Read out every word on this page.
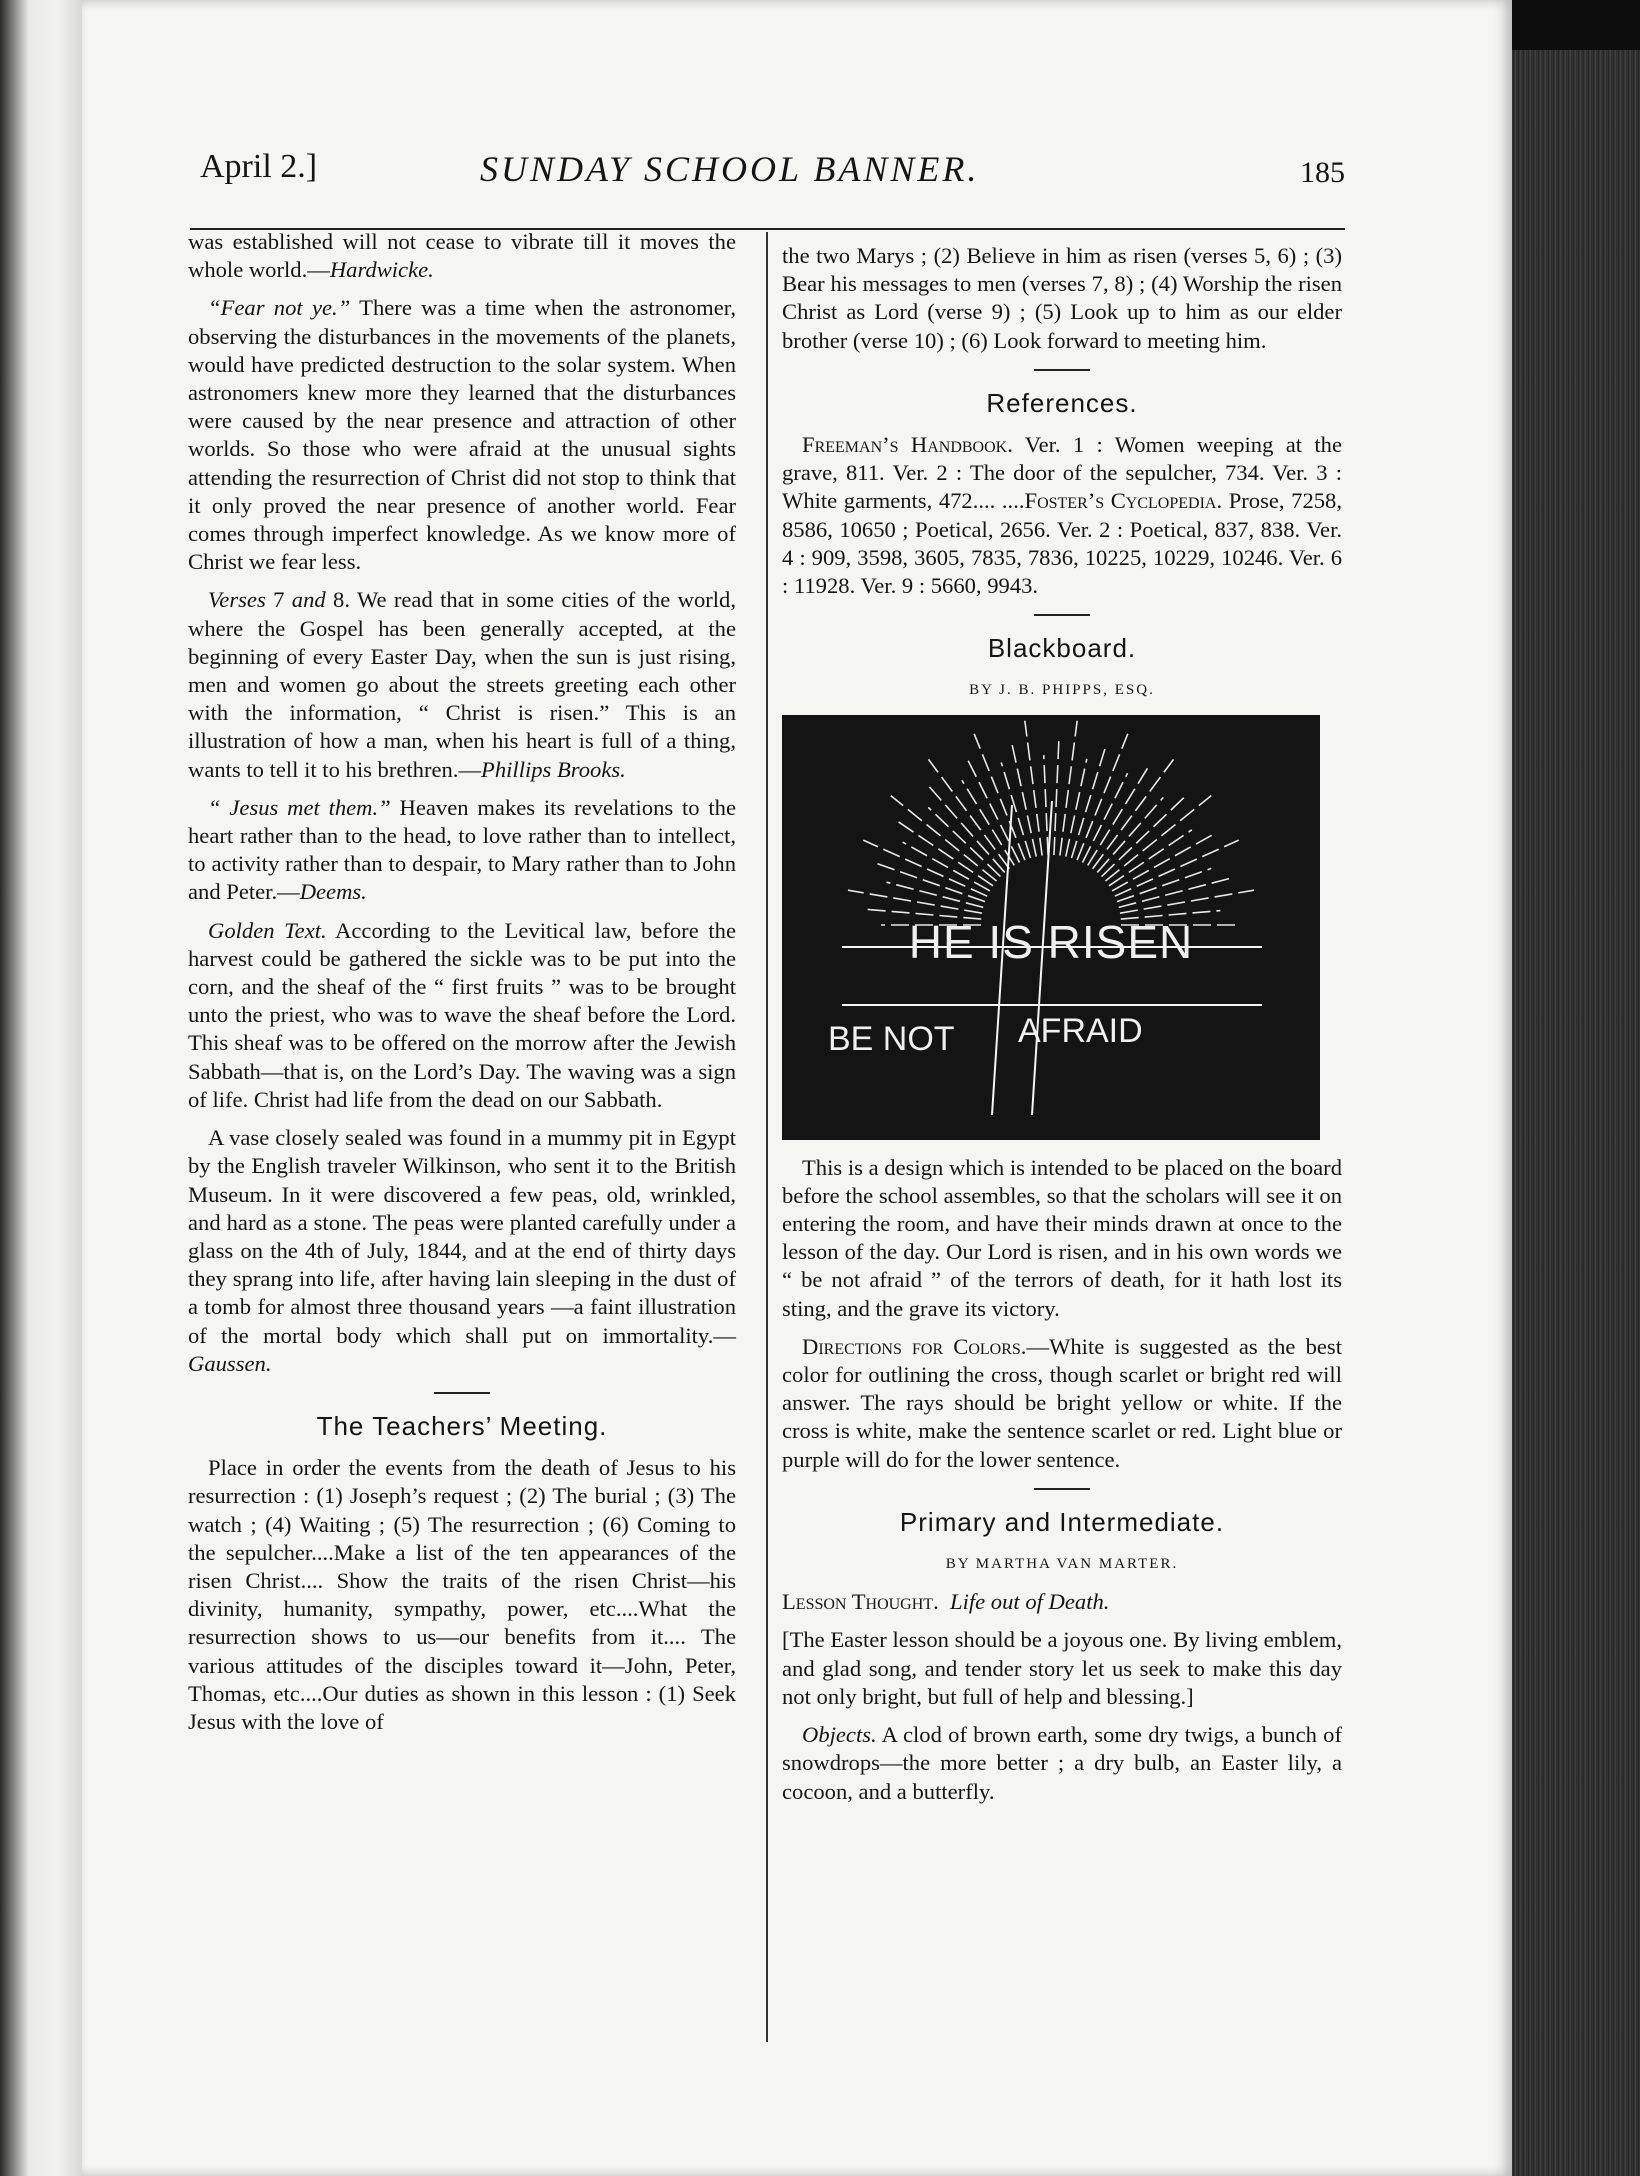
April 2.]	SUNDAY SCHOOL BANNER.	185

was established will not cease to vibrate till it moves the whole world.—Hardwicke.

“Fear not ye.” There was a time when the astronomer, observing the disturbances in the movements of the planets, would have predicted destruction to the solar system. When astronomers knew more they learned that the disturbances were caused by the near presence and attraction of other worlds. So those who were afraid at the unusual sights attending the resurrection of Christ did not stop to think that it only proved the near presence of another world. Fear comes through imperfect knowledge. As we know more of Christ we fear less.

Verses 7 and 8. We read that in some cities of the world, where the Gospel has been generally accepted, at the beginning of every Easter Day, when the sun is just rising, men and women go about the streets greeting each other with the information, “ Christ is risen.” This is an illustration of how a man, when his heart is full of a thing, wants to tell it to his brethren.—Phillips Brooks.

“ Jesus met them.” Heaven makes its revelations to the heart rather than to the head, to love rather than to intellect, to activity rather than to despair, to Mary rather than to John and Peter.—Deems.

Golden Text. According to the Levitical law, before the harvest could be gathered the sickle was to be put into the corn, and the sheaf of the “ first fruits ” was to be brought unto the priest, who was to wave the sheaf before the Lord. This sheaf was to be offered on the morrow after the Jewish Sabbath—that is, on the Lord’s Day. The waving was a sign of life. Christ had life from the dead on our Sabbath.

A vase closely sealed was found in a mummy pit in Egypt by the English traveler Wilkinson, who sent it to the British Museum. In it were discovered a few peas, old, wrinkled, and hard as a stone. The peas were planted carefully under a glass on the 4th of July, 1844, and at the end of thirty days they sprang into life, after having lain sleeping in the dust of a tomb for almost three thousand years —a faint illustration of the mortal body which shall put on immortality.—Gaussen.

The Teachers’ Meeting.

Place in order the events from the death of Jesus to his resurrection : (1) Joseph’s request ; (2) The burial ; (3) The watch ; (4) Waiting ; (5) The resurrection ; (6) Coming to the sepulcher....Make a list of the ten appearances of the risen Christ.... Show the traits of the risen Christ—his divinity, humanity, sympathy, power, etc....What the resurrection shows to us—our benefits from it.... The various attitudes of the disciples toward it—John, Peter, Thomas, etc....Our duties as shown in this lesson : (1) Seek Jesus with the love of

the two Marys ; (2) Believe in him as risen (verses 5, 6) ; (3) Bear his messages to men (verses 7, 8) ; (4) Worship the risen Christ as Lord (verse 9) ; (5) Look up to him as our elder brother (verse 10) ; (6) Look forward to meeting him.

References.

Freeman’s Handbook. Ver. 1 : Women weeping at the grave, 811. Ver. 2 : The door of the sepulcher, 734. Ver. 3 : White garments, 472.... ....Foster’s Cyclopedia. Prose, 7258, 8586, 10650 ; Poetical, 2656. Ver. 2 : Poetical, 837, 838. Ver. 4 : 909, 3598, 3605, 7835, 7836, 10225, 10229, 10246. Ver. 6 : 11928. Ver. 9 : 5660, 9943.

Blackboard.
BY J. B. PHIPPS, ESQ.
HE IS RISEN
BE NOT AFRAID

This is a design which is intended to be placed on the board before the school assembles, so that the scholars will see it on entering the room, and have their minds drawn at once to the lesson of the day. Our Lord is risen, and in his own words we “ be not afraid ” of the terrors of death, for it hath lost its sting, and the grave its victory.

Directions for Colors.—White is suggested as the best color for outlining the cross, though scarlet or bright red will answer. The rays should be bright yellow or white. If the cross is white, make the sentence scarlet or red. Light blue or purple will do for the lower sentence.

Primary and Intermediate.
BY MARTHA VAN MARTER.

Lesson Thought. Life out of Death.

[The Easter lesson should be a joyous one. By living emblem, and glad song, and tender story let us seek to make this day not only bright, but full of help and blessing.]

Objects. A clod of brown earth, some dry twigs, a bunch of snowdrops—the more better ; a dry bulb, an Easter lily, a cocoon, and a butterfly.
